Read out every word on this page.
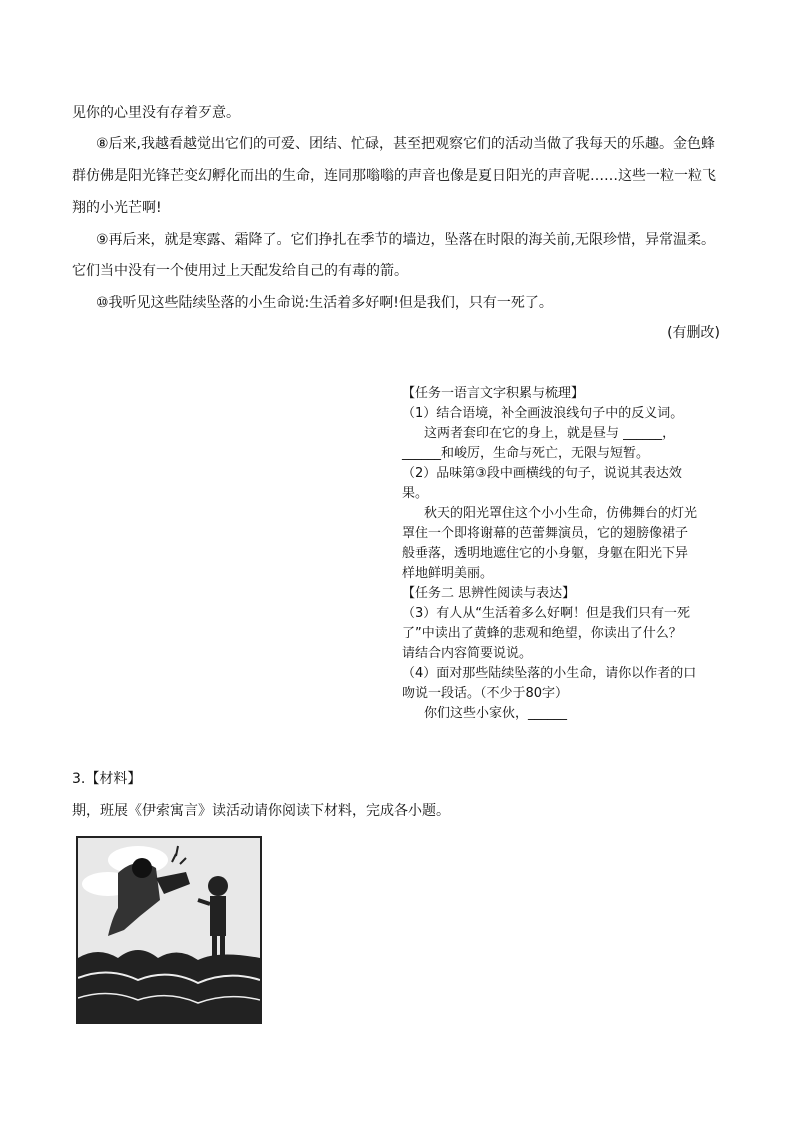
见你的心里没有存着歹意。
⑧后来,我越看越觉出它们的可爱、团结、忙碌，甚至把观察它们的活动当做了我每天的乐趣。金色蜂
群仿佛是阳光锋芒变幻孵化而出的生命，连同那嗡嗡的声音也像是夏日阳光的声音呢……这些一粒一粒飞
翔的小光芒啊!
⑨再后来，就是寒露、霜降了。它们挣扎在季节的墙边，坠落在时限的海关前,无限珍惜，异常温柔。
它们当中没有一个使用过上天配发给自己的有毒的箭。
⑩我听见这些陆续坠落的小生命说:生活着多好啊!但是我们，只有一死了。
(有删改)
【任务一语言文字积累与梳理】
（1）结合语境，补全画波浪线句子中的反义词。
这两者套印在它的身上，就是昼与 ______，
______和峻厉，生命与死亡，无限与短暂。
（2）品味第③段中画横线的句子，说说其表达效
果。
秋天的阳光罩住这个小小生命，仿佛舞台的灯光
罩住一个即将谢幕的芭蕾舞演员，它的翅膀像裙子
般垂落，透明地遮住它的小身躯，身躯在阳光下异
样地鲜明美丽。
【任务二 思辨性阅读与表达】
（3）有人从“生活着多么好啊！但是我们只有一死
了”中读出了黄蜂的悲观和绝望，你读出了什么？
请结合内容简要说说。
（4）面对那些陆续坠落的小生命，请你以作者的口
吻说一段话。（不少于80字）
你们这些小家伙，______
3.【材料】
期，班展《伊索寓言》读活动请你阅读下材料，完成各小题。
